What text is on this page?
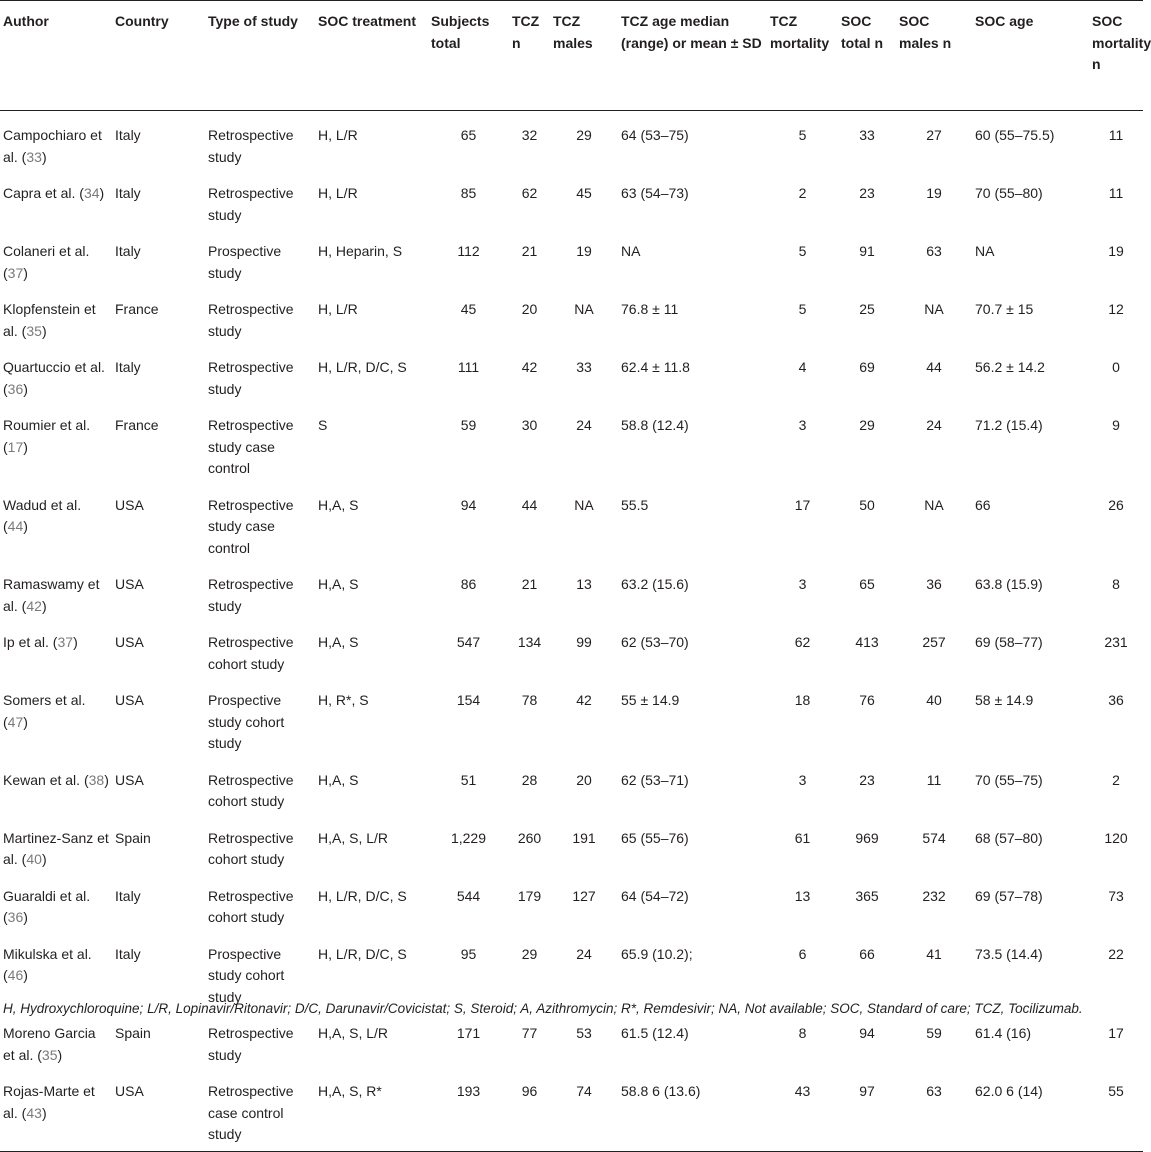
Author	Country	Type of study	SOC treatment	Subjects total	TCZ n	TCZ males	TCZ age median (range) or mean ± SD	TCZ mortality	SOC total n	SOC males n	SOC age	SOC mortality n
Campochiaro et al. (33)	Italy	Retrospective study	H, L/R	65	32	29	64 (53–75)	5	33	27	60 (55–75.5)	11
Capra et al. (34)	Italy	Retrospective study	H, L/R	85	62	45	63 (54–73)	2	23	19	70 (55–80)	11
Colaneri et al. (37)	Italy	Prospective study	H, Heparin, S	112	21	19	NA	5	91	63	NA	19
Klopfenstein et al. (35)	France	Retrospective study	H, L/R	45	20	NA	76.8 ± 11	5	25	NA	70.7 ± 15	12
Quartuccio et al. (36)	Italy	Retrospective study	H, L/R, D/C, S	111	42	33	62.4 ± 11.8	4	69	44	56.2 ± 14.2	0
Roumier et al. (17)	France	Retrospective study case control	S	59	30	24	58.8 (12.4)	3	29	24	71.2 (15.4)	9
Wadud et al. (44)	USA	Retrospective study case control	H,A, S	94	44	NA	55.5	17	50	NA	66	26
Ramaswamy et al. (42)	USA	Retrospective study	H,A, S	86	21	13	63.2 (15.6)	3	65	36	63.8 (15.9)	8
Ip et al. (37)	USA	Retrospective cohort study	H,A, S	547	134	99	62 (53–70)	62	413	257	69 (58–77)	231
Somers et al. (47)	USA	Prospective study cohort study	H, R*, S	154	78	42	55 ± 14.9	18	76	40	58 ± 14.9	36
Kewan et al. (38)	USA	Retrospective cohort study	H,A, S	51	28	20	62 (53–71)	3	23	11	70 (55–75)	2
Martinez-Sanz et al. (40)	Spain	Retrospective cohort study	H,A, S, L/R	1,229	260	191	65 (55–76)	61	969	574	68 (57–80)	120
Guaraldi et al. (36)	Italy	Retrospective cohort study	H, L/R, D/C, S	544	179	127	64 (54–72)	13	365	232	69 (57–78)	73
Mikulska et al. (46)	Italy	Prospective study cohort study	H, L/R, D/C, S	95	29	24	65.9 (10.2);	6	66	41	73.5 (14.4)	22
Moreno Garcia et al. (35)	Spain	Retrospective study	H,A, S, L/R	171	77	53	61.5 (12.4)	8	94	59	61.4 (16)	17
Rojas-Marte et al. (43)	USA	Retrospective case control study	H,A, S, R*	193	96	74	58.8 6 (13.6)	43	97	63	62.0 6 (14)	55
H, Hydroxychloroquine; L/R, Lopinavir/Ritonavir; D/C, Darunavir/Covicistat; S, Steroid; A, Azithromycin; R*, Remdesivir; NA, Not available; SOC, Standard of care; TCZ, Tocilizumab.
